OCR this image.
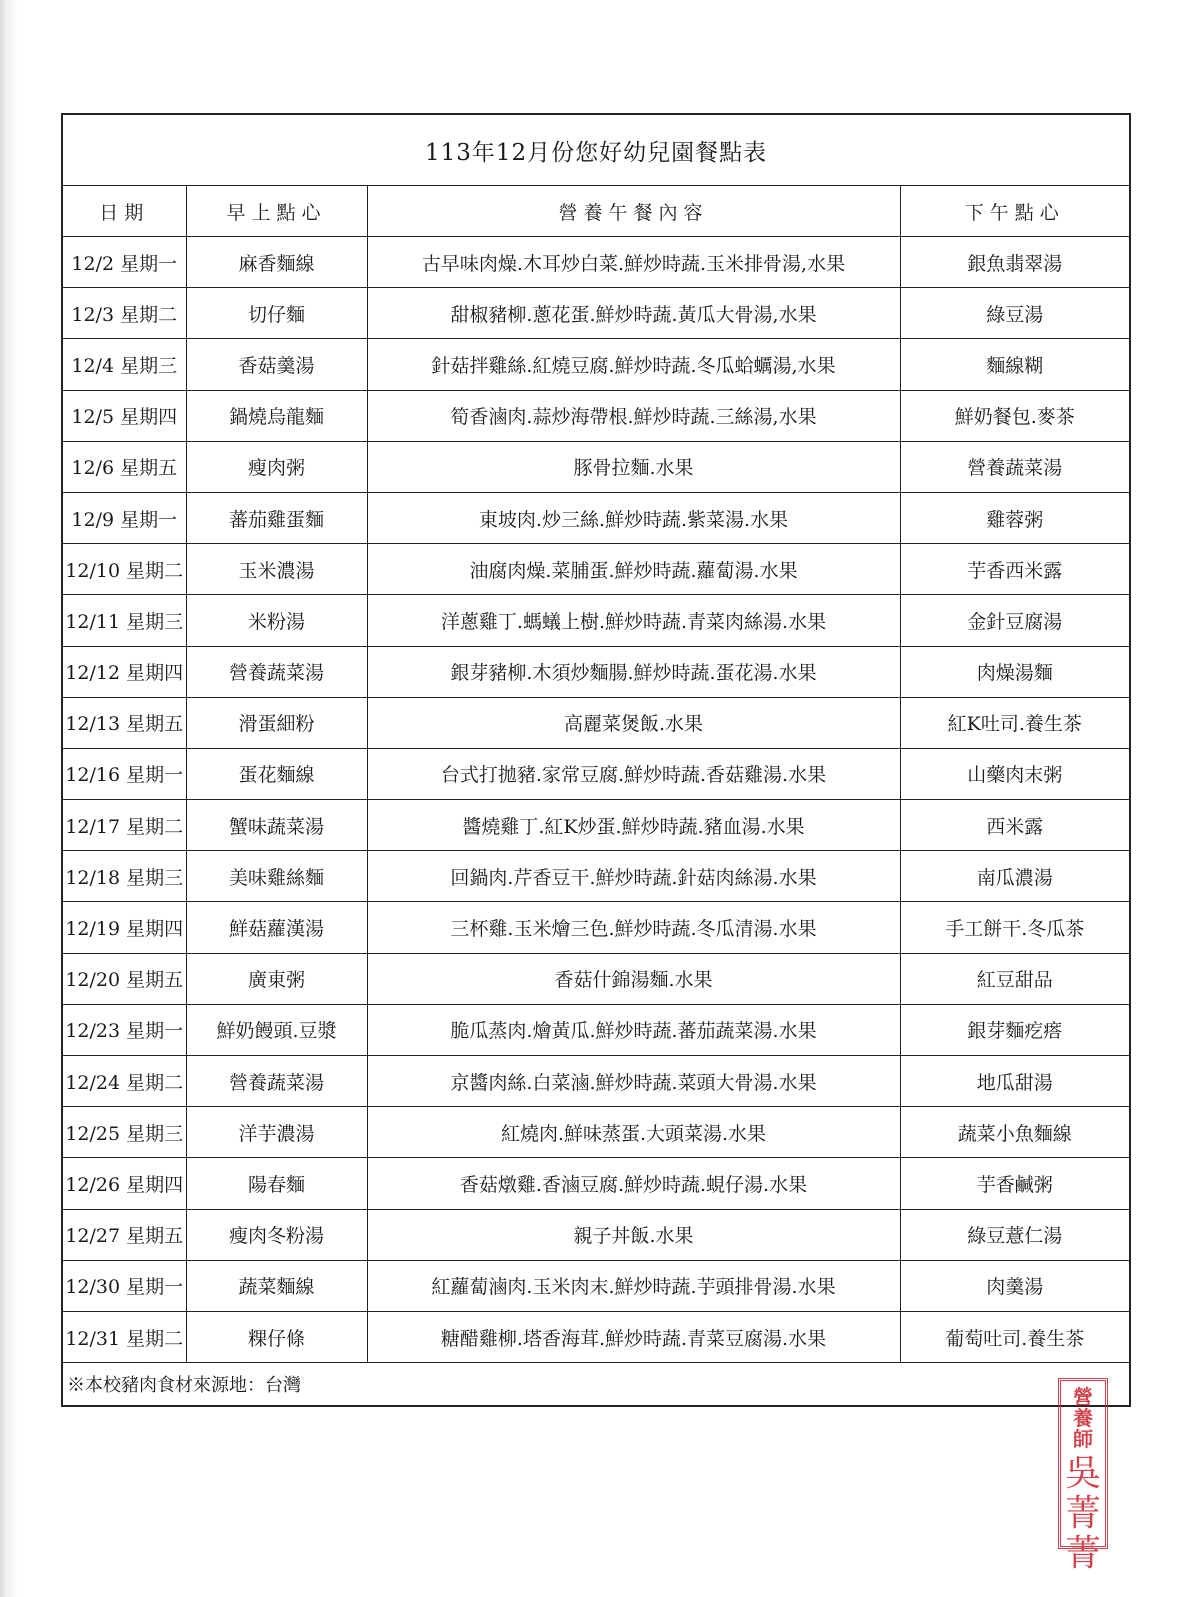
113年12月份您好幼兒園餐點表			
日期	早上點心	營養午餐內容	下午點心
12/2 星期一	麻香麵線	古早味肉燥.木耳炒白菜.鮮炒時蔬.玉米排骨湯,水果	銀魚翡翠湯
12/3 星期二	切仔麵	甜椒豬柳.蔥花蛋.鮮炒時蔬.黃瓜大骨湯,水果	綠豆湯
12/4 星期三	香菇羹湯	針菇拌雞絲.紅燒豆腐.鮮炒時蔬.冬瓜蛤蠣湯,水果	麵線糊
12/5 星期四	鍋燒烏龍麵	筍香滷肉.蒜炒海帶根.鮮炒時蔬.三絲湯,水果	鮮奶餐包.麥茶
12/6 星期五	瘦肉粥	豚骨拉麵.水果	營養蔬菜湯
12/9 星期一	蕃茄雞蛋麵	東坡肉.炒三絲.鮮炒時蔬.紫菜湯.水果	雞蓉粥
12/10 星期二	玉米濃湯	油腐肉燥.菜脯蛋.鮮炒時蔬.蘿蔔湯.水果	芋香西米露
12/11 星期三	米粉湯	洋蔥雞丁.螞蟻上樹.鮮炒時蔬.青菜肉絲湯.水果	金針豆腐湯
12/12 星期四	營養蔬菜湯	銀芽豬柳.木須炒麵腸.鮮炒時蔬.蛋花湯.水果	肉燥湯麵
12/13 星期五	滑蛋細粉	高麗菜煲飯.水果	紅K吐司.養生茶
12/16 星期一	蛋花麵線	台式打拋豬.家常豆腐.鮮炒時蔬.香菇雞湯.水果	山藥肉末粥
12/17 星期二	蟹味蔬菜湯	醬燒雞丁.紅K炒蛋.鮮炒時蔬.豬血湯.水果	西米露
12/18 星期三	美味雞絲麵	回鍋肉.芹香豆干.鮮炒時蔬.針菇肉絲湯.水果	南瓜濃湯
12/19 星期四	鮮菇蘿漢湯	三杯雞.玉米燴三色.鮮炒時蔬.冬瓜清湯.水果	手工餅干.冬瓜茶
12/20 星期五	廣東粥	香菇什錦湯麵.水果	紅豆甜品
12/23 星期一	鮮奶饅頭.豆漿	脆瓜蒸肉.燴黃瓜.鮮炒時蔬.蕃茄蔬菜湯.水果	銀芽麵疙瘩
12/24 星期二	營養蔬菜湯	京醬肉絲.白菜滷.鮮炒時蔬.菜頭大骨湯.水果	地瓜甜湯
12/25 星期三	洋芋濃湯	紅燒肉.鮮味蒸蛋.大頭菜湯.水果	蔬菜小魚麵線
12/26 星期四	陽春麵	香菇燉雞.香滷豆腐.鮮炒時蔬.蜆仔湯.水果	芋香鹹粥
12/27 星期五	瘦肉冬粉湯	親子丼飯.水果	綠豆薏仁湯
12/30 星期一	蔬菜麵線	紅蘿蔔滷肉.玉米肉末.鮮炒時蔬.芋頭排骨湯.水果	肉羹湯
12/31 星期二	粿仔條	糖醋雞柳.塔香海茸.鮮炒時蔬.青菜豆腐湯.水果	葡萄吐司.養生茶
※本校豬肉食材來源地：台灣				營
養
師
吳
菁
菁
